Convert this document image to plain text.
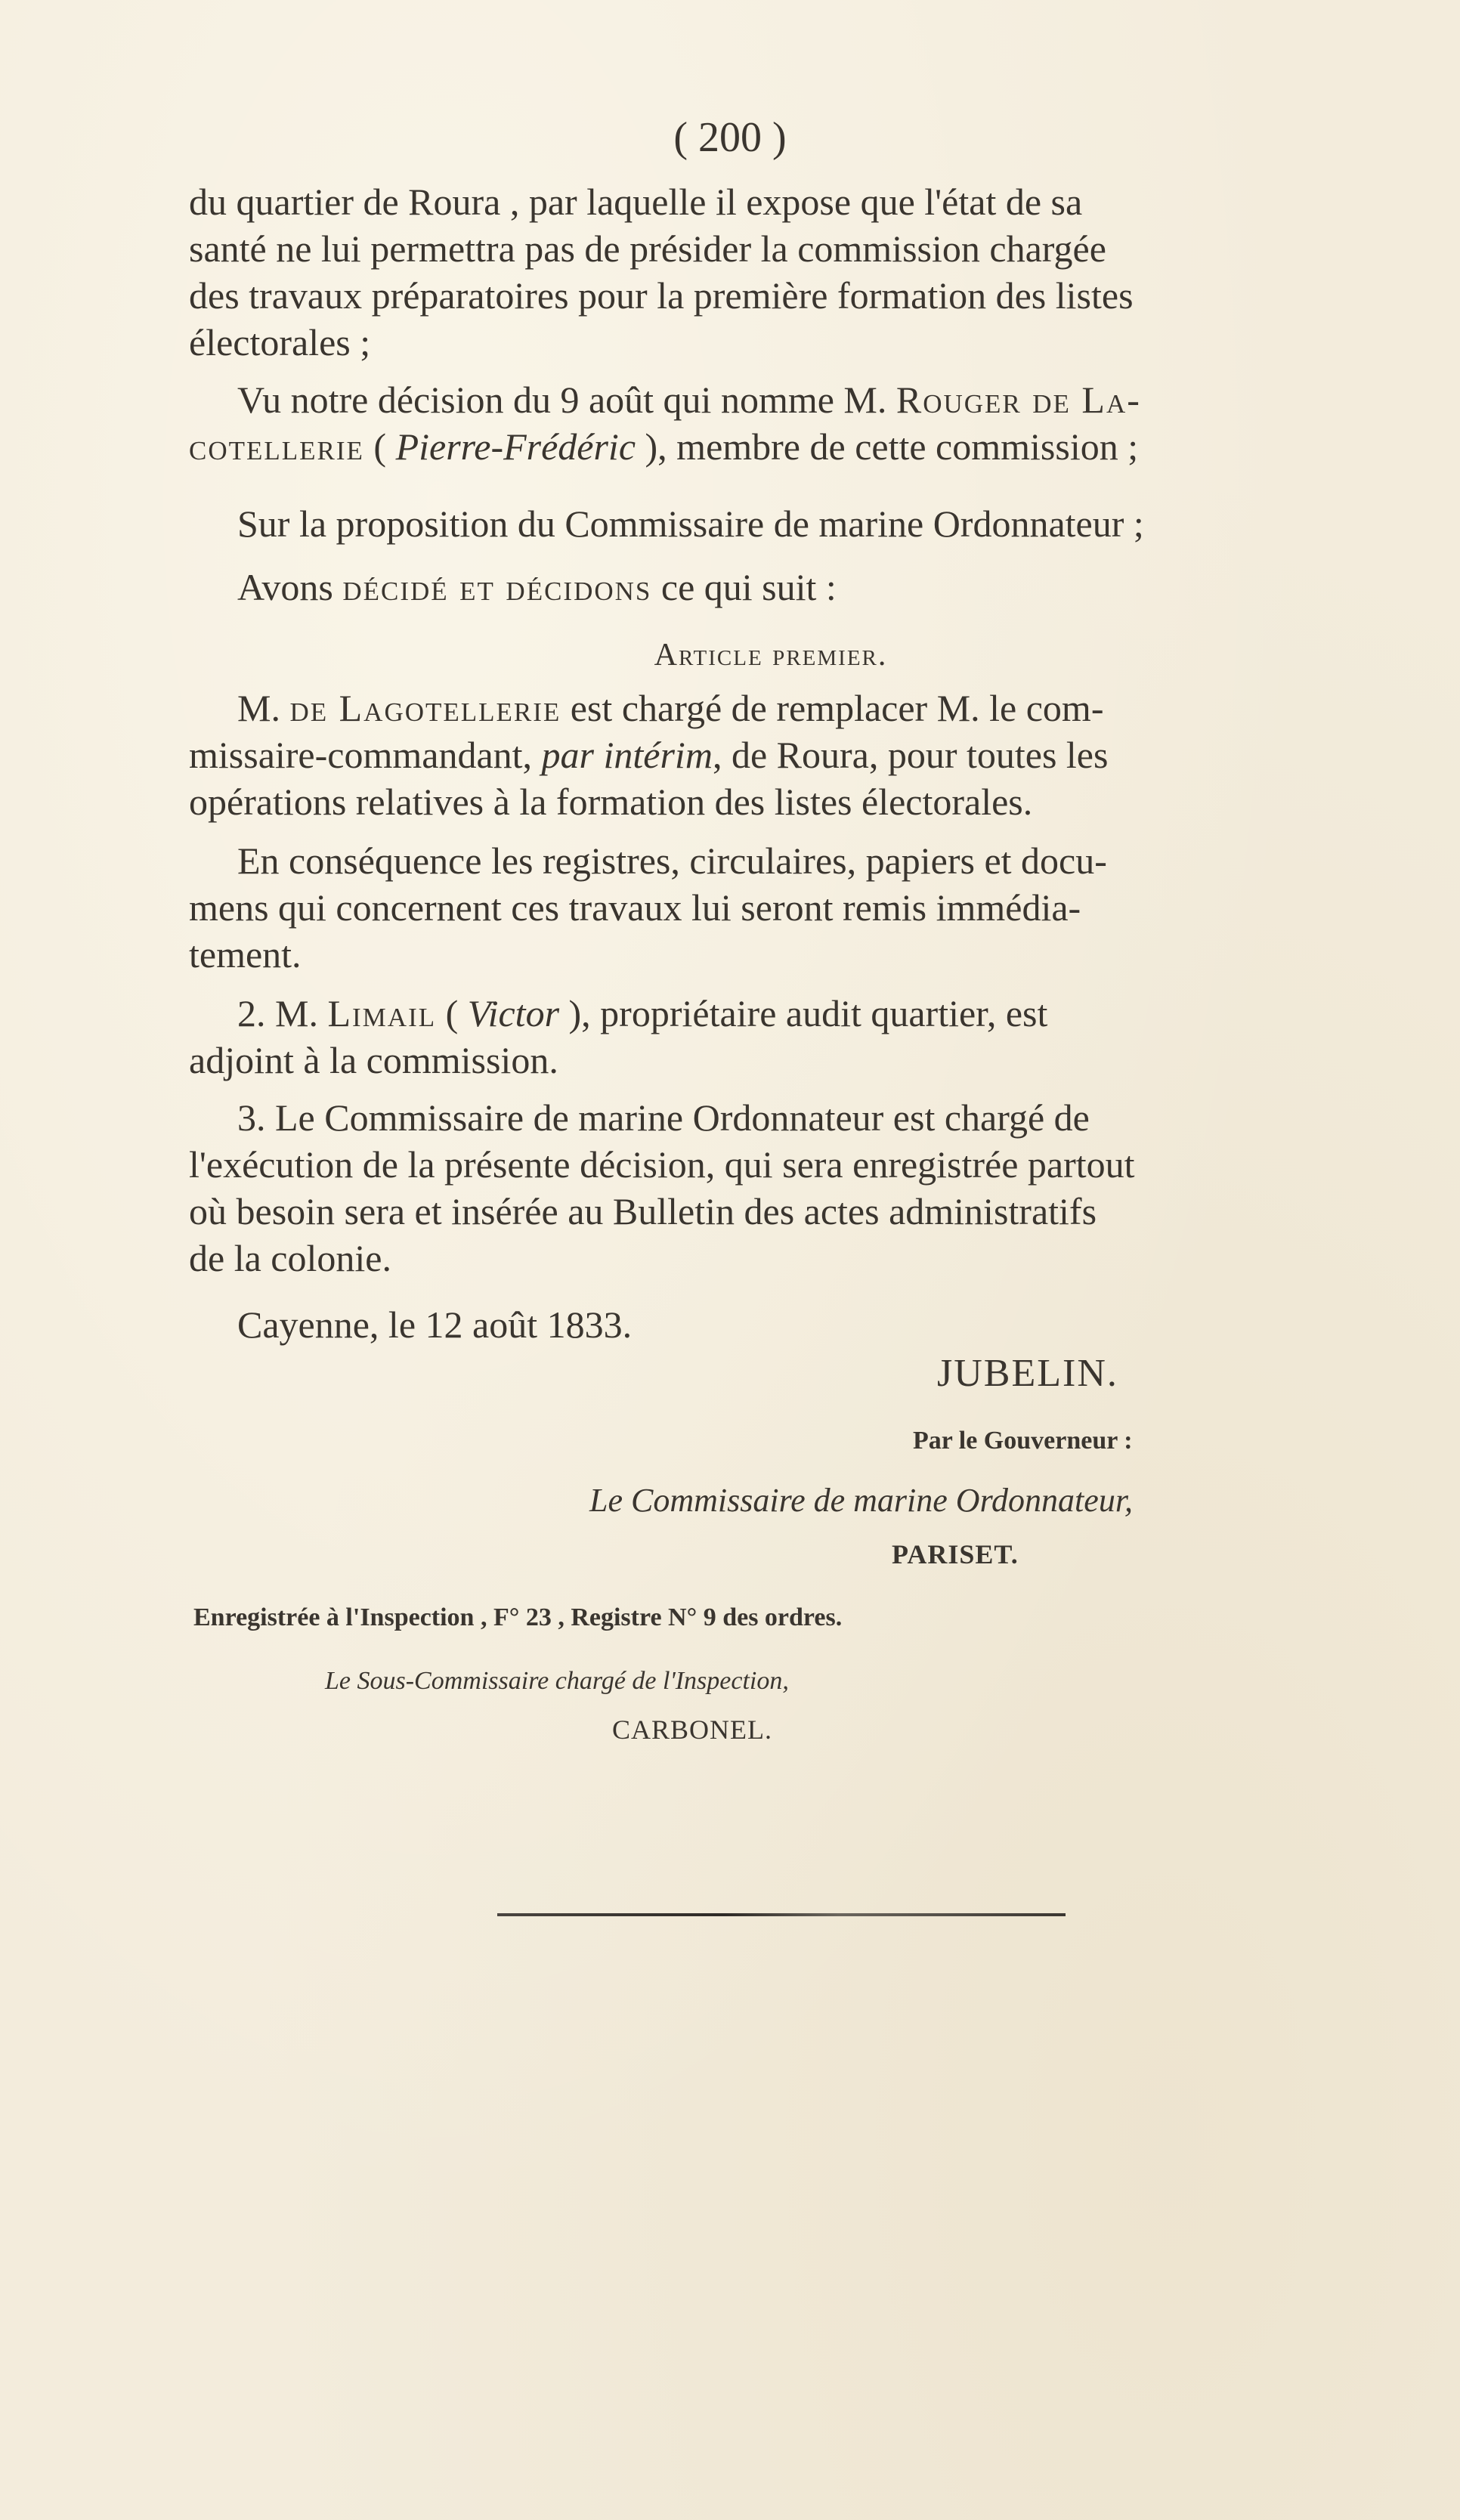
( 200 )
du quartier de Roura , par laquelle il expose que l'état de sa
santé ne lui permettra pas de présider la commission chargée
des travaux préparatoires pour la première formation des listes
électorales ;
Vu notre décision du 9 août qui nomme M. Rouger de La-
cotellerie ( Pierre-Frédéric ), membre de cette commission ;
Sur la proposition du Commissaire de marine Ordonnateur ;
Avons décidé et décidons ce qui suit :
Article premier.
M. de Lagotellerie est chargé de remplacer M. le com-
missaire-commandant, par intérim, de Roura, pour toutes les
opérations relatives à la formation des listes électorales.
En conséquence les registres, circulaires, papiers et docu-
mens qui concernent ces travaux lui seront remis immédia-
tement.
2. M. Limail ( Victor ), propriétaire audit quartier, est
adjoint à la commission.
3. Le Commissaire de marine Ordonnateur est chargé de
l'exécution de la présente décision, qui sera enregistrée partout
où besoin sera et insérée au Bulletin des actes administratifs
de la colonie.
Cayenne, le 12 août 1833.
JUBELIN.
Par le Gouverneur :
Le Commissaire de marine Ordonnateur,
PARISET.
Enregistrée à l'Inspection , F° 23 , Registre N° 9 des ordres.
Le Sous-Commissaire chargé de l'Inspection,
CARBONEL.
